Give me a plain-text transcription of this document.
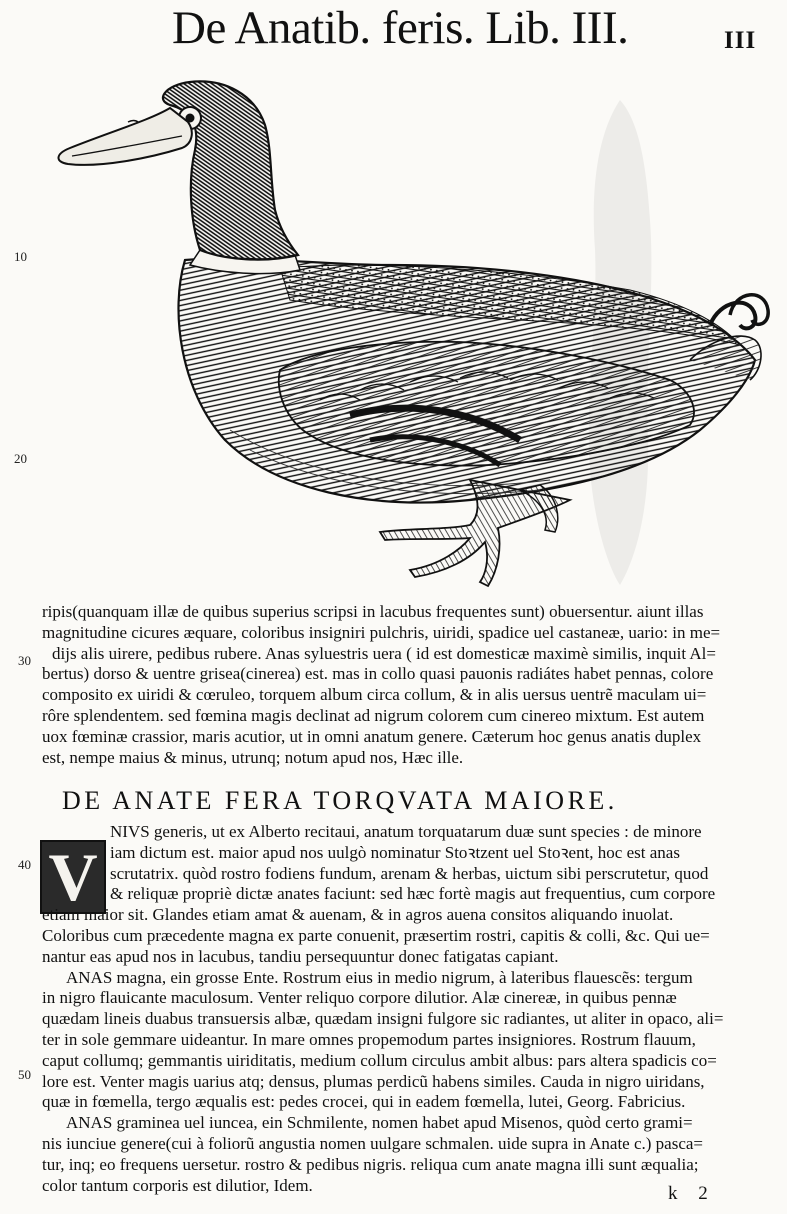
De Anatib. feris. Lib. III.	III
10
20
30
40
50
ripis(quanquam illæ de quibus superius scripsi in lacubus frequentes sunt) obuersentur. aiunt illas
magnitudine cicures æquare, coloribus insigniri pulchris, uiridi, spadice uel castaneæ, uario: in me=
dijs alis uirere, pedibus rubere. Anas syluestris uera ( id est domesticæ maximè similis, inquit Al=
bertus) dorso & uentre grisea(cinerea) est. mas in collo quasi pauonis radiátes habet pennas, colore
composito ex uiridi & cœruleo, torquem album circa collum, & in alis uersus uentrẽ maculam ui=
rôre splendentem. sed fœmina magis declinat ad nigrum colorem cum cinereo mixtum. Est autem
uox fœminæ crassior, maris acutior, ut in omni anatum genere. Cæterum hoc genus anatis duplex
est, nempe maius & minus, utrunq; notum apud nos, Hæc ille.
DE ANATE FERA TORQVATA MAIORE.
V
NIVS generis, ut ex Alberto recitaui, anatum torquatarum duæ sunt species : de minore
iam dictum est. maior apud nos uulgò nominatur Stoꝛtzent uel Stoꝛent, hoc est anas
scrutatrix. quòd rostro fodiens fundum, arenam & herbas, uictum sibi perscrutetur, quod
& reliquæ propriè dictæ anates faciunt: sed hæc fortè magis aut frequentius, cum corpore
etiam maior sit. Glandes etiam amat & auenam, & in agros auena consitos aliquando inuolat.
Coloribus cum præcedente magna ex parte conuenit, præsertim rostri, capitis & colli, &c. Qui ue=
nantur eas apud nos in lacubus, tandiu persequuntur donec fatigatas capiant.
ANAS magna, ein grosse Ente. Rostrum eius in medio nigrum, à lateribus flauescẽs: tergum
in nigro flauicante maculosum. Venter reliquo corpore dilutior. Alæ cinereæ, in quibus pennæ
quædam lineis duabus transuersis albæ, quædam insigni fulgore sic radiantes, ut aliter in opaco, ali=
ter in sole gemmare uideantur. In mare omnes propemodum partes insigniores. Rostrum flauum,
caput collumq; gemmantis uiriditatis, medium collum circulus ambit albus: pars altera spadicis co=
lore est. Venter magis uarius atq; densus, plumas perdicũ habens similes. Cauda in nigro uiridans,
quæ in fœmella, tergo æqualis est: pedes crocei, qui in eadem fœmella, lutei, Georg. Fabricius.
ANAS graminea uel iuncea, ein Schmilente, nomen habet apud Misenos, quòd certo grami=
nis iunciue genere(cui à foliorũ angustia nomen uulgare schmalen. uide supra in Anate c.) pasca=
tur, inq; eo frequens uersetur. rostro & pedibus nigris. reliqua cum anate magna illi sunt æqualia;
color tantum corporis est dilutior, Idem.	k 2
